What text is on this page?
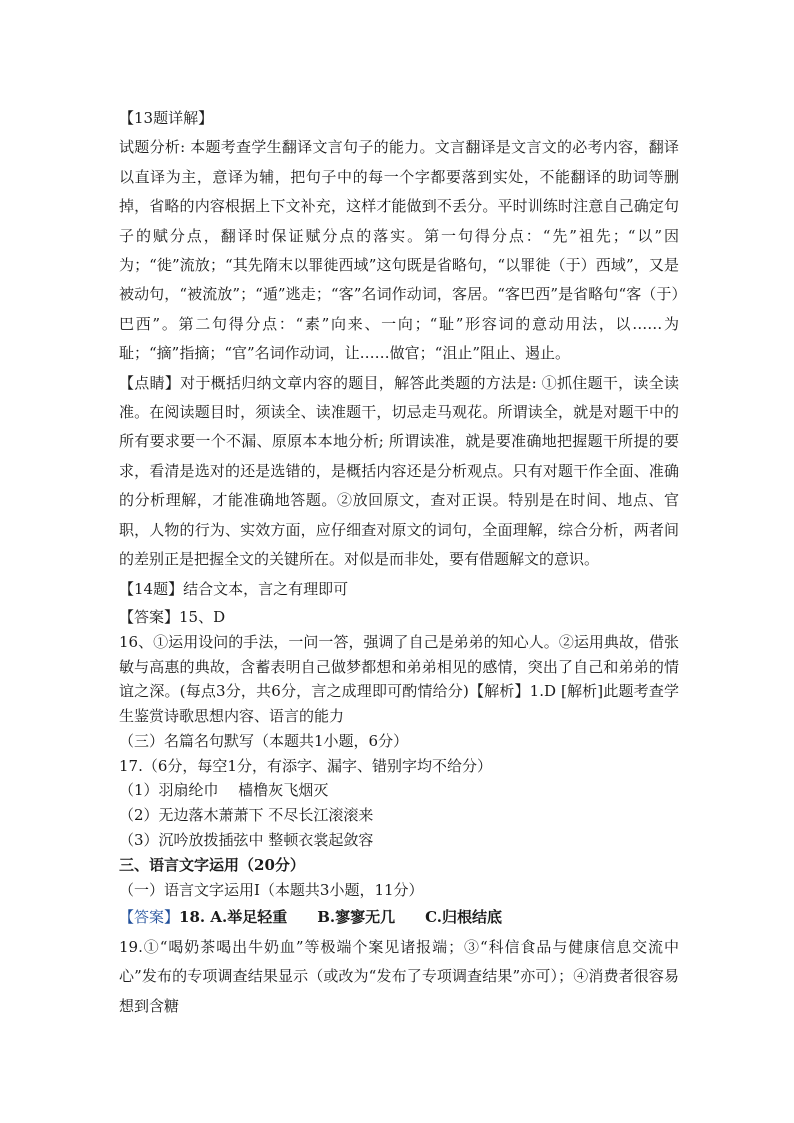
【13题详解】

试题分析: 本题考查学生翻译文言句子的能力。文言翻译是文言文的必考内容，翻译以直译为主，意译为辅，把句子中的每一个字都要落到实处，不能翻译的助词等删掉，省略的内容根据上下文补充，这样才能做到不丢分。平时训练时注意自己确定句子的赋分点，翻译时保证赋分点的落实。第一句得分点：“先”祖先；“以”因为；“徙”流放；“其先隋末以罪徙西域”这句既是省略句，“以罪徙（于）西域”，又是被动句，“被流放”；“遁”逃走；“客”名词作动词，客居。“客巴西”是省略句“客（于）巴西”。第二句得分点：“素”向来、一向；“耻”形容词的意动用法，以……为耻；“摘”指摘；“官”名词作动词，让……做官；“沮止”阻止、遏止。

【点睛】对于概括归纳文章内容的题目，解答此类题的方法是: ①抓住题干，读全读准。在阅读题目时，须读全、读准题干，切忌走马观花。所谓读全，就是对题干中的所有要求要一个不漏、原原本本地分析; 所谓读准，就是要准确地把握题干所提的要求，看清是选对的还是选错的，是概括内容还是分析观点。只有对题干作全面、准确的分析理解，才能准确地答题。②放回原文，查对正误。特别是在时间、地点、官职，人物的行为、实效方面，应仔细查对原文的词句，全面理解，综合分析，两者间的差别正是把握全文的关键所在。对似是而非处，要有借题解文的意识。

【14题】结合文本，言之有理即可

【答案】15、D

16、①运用设问的手法，一问一答，强调了自己是弟弟的知心人。②运用典故，借张敏与高惠的典故，含蓄表明自己做梦都想和弟弟相见的感情，突出了自己和弟弟的情谊之深。(每点3分，共6分，言之成理即可酌情给分)【解析】1.D [解析]此题考查学生鉴赏诗歌思想内容、语言的能力

（三）名篇名句默写（本题共1小题，6分）

17.（6分，每空1分，有添字、漏字、错别字均不给分）

（1）羽扇纶巾　 樯橹灰飞烟灭

（2）无边落木萧萧下 不尽长江滚滚来

（3）沉吟放拨插弦中 整顿衣裳起敛容

三、语言文字运用（20分）

（一）语言文字运用Ⅰ（本题共3小题，11分）

【答案】18. A.举足轻重　　B.寥寥无几　　C.归根结底

19.①“喝奶茶喝出牛奶血”等极端个案见诸报端；③“科信食品与健康信息交流中心”发布的专项调查结果显示（或改为“发布了专项调查结果”亦可）；④消费者很容易想到含糖
